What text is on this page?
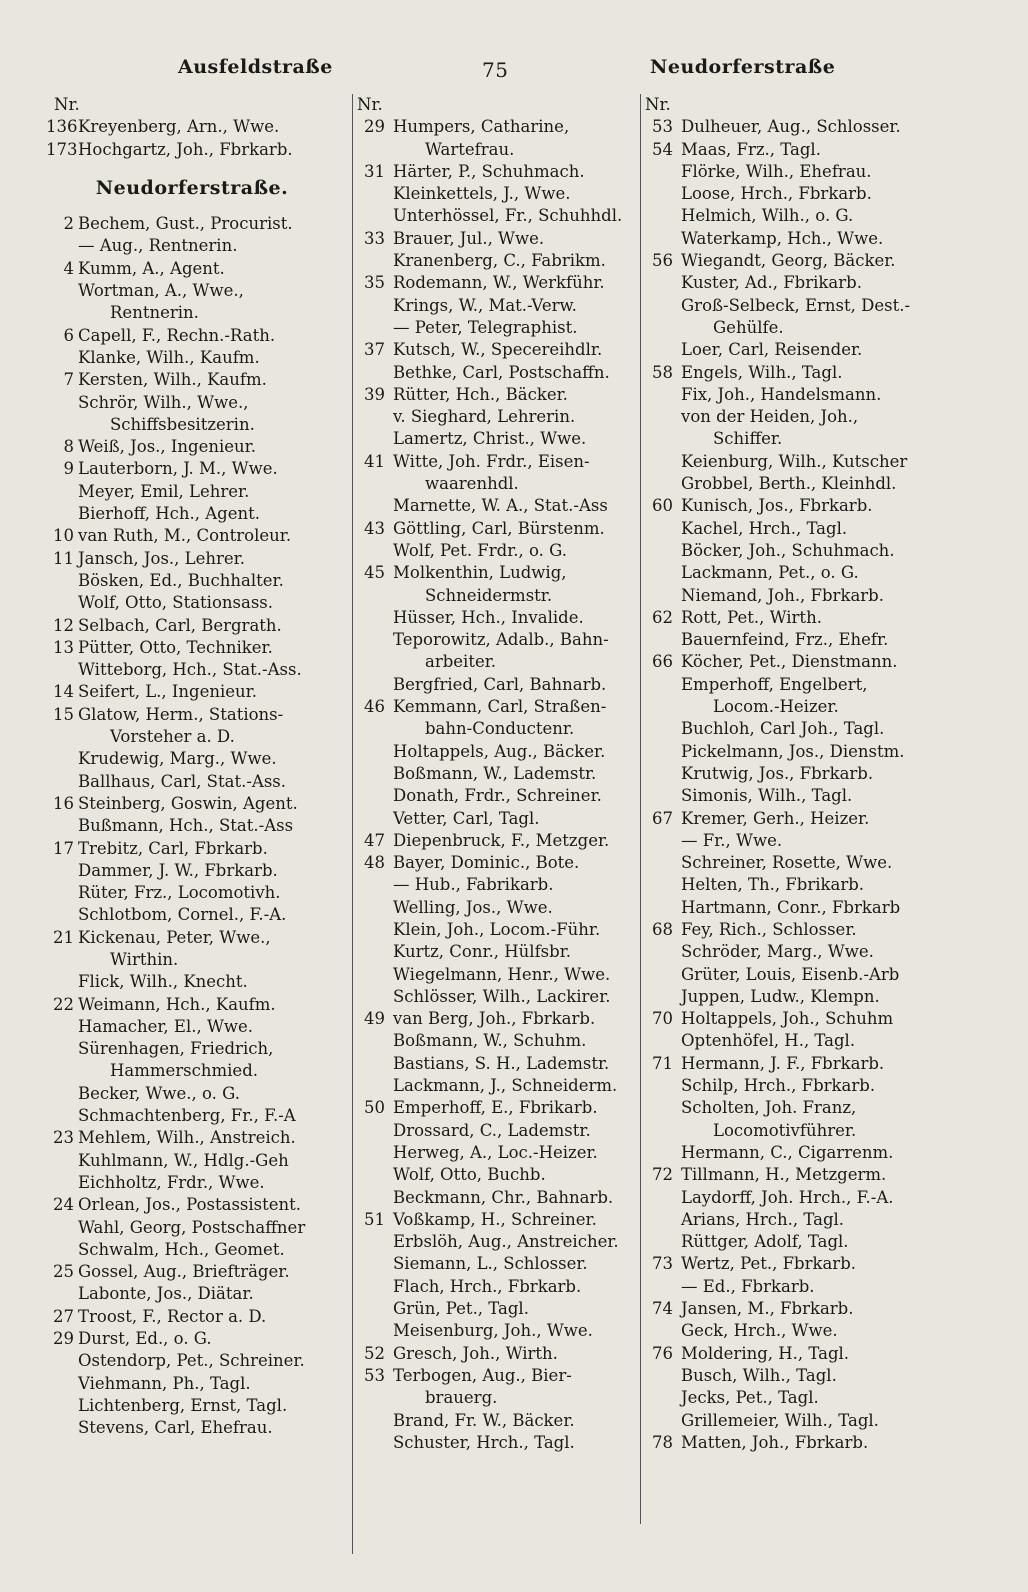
Ausfeldstraße	75	Neudorferstraße
Nr.
136 Kreyenberg, Arn., Wwe.
173 Hochgartz, Joh., Fbrkarb.
Neudorferstraße.
2 Bechem, Gust., Procurist.
— Aug., Rentnerin.
4 Kumm, A., Agent.
Wortman, A., Wwe.,
Rentnerin.
6 Capell, F., Rechn.-Rath.
Klanke, Wilh., Kaufm.
7 Kersten, Wilh., Kaufm.
Schrör, Wilh., Wwe.,
Schiffsbesitzerin.
8 Weiß, Jos., Ingenieur.
9 Lauterborn, J. M., Wwe.
Meyer, Emil, Lehrer.
Bierhoff, Hch., Agent.
10 van Ruth, M., Controleur.
11 Jansch, Jos., Lehrer.
Bösken, Ed., Buchhalter.
Wolf, Otto, Stationsass.
12 Selbach, Carl, Bergrath.
13 Pütter, Otto, Techniker.
Witteborg, Hch., Stat.-Ass.
14 Seifert, L., Ingenieur.
15 Glatow, Herm., Stations-
Vorsteher a. D.
Krudewig, Marg., Wwe.
Ballhaus, Carl, Stat.-Ass.
16 Steinberg, Goswin, Agent.
Bußmann, Hch., Stat.-Ass
17 Trebitz, Carl, Fbrkarb.
Dammer, J. W., Fbrkarb.
Rüter, Frz., Locomotivh.
Schlotbom, Cornel., F.-A.
21 Kickenau, Peter, Wwe.,
Wirthin.
Flick, Wilh., Knecht.
22 Weimann, Hch., Kaufm.
Hamacher, El., Wwe.
Sürenhagen, Friedrich,
Hammerschmied.
Becker, Wwe., o. G.
Schmachtenberg, Fr., F.-A
23 Mehlem, Wilh., Anstreich.
Kuhlmann, W., Hdlg.-Geh
Eichholtz, Frdr., Wwe.
24 Orlean, Jos., Postassistent.
Wahl, Georg, Postschaffner
Schwalm, Hch., Geomet.
25 Gossel, Aug., Briefträger.
Labonte, Jos., Diätar.
27 Troost, F., Rector a. D.
29 Durst, Ed., o. G.
Ostendorp, Pet., Schreiner.
Viehmann, Ph., Tagl.
Lichtenberg, Ernst, Tagl.
Stevens, Carl, Ehefrau.
Nr.
29 Humpers, Catharine,
Wartefrau.
31 Härter, P., Schuhmach.
Kleinkettels, J., Wwe.
Unterhössel, Fr., Schuhhdl.
33 Brauer, Jul., Wwe.
Kranenberg, C., Fabrikm.
35 Rodemann, W., Werkführ.
Krings, W., Mat.-Verw.
— Peter, Telegraphist.
37 Kutsch, W., Specereihdlr.
Bethke, Carl, Postschaffn.
39 Rütter, Hch., Bäcker.
v. Sieghard, Lehrerin.
Lamertz, Christ., Wwe.
41 Witte, Joh. Frdr., Eisen-
waarenhdl.
Marnette, W. A., Stat.-Ass
43 Göttling, Carl, Bürstenm.
Wolf, Pet. Frdr., o. G.
45 Molkenthin, Ludwig,
Schneidermstr.
Hüsser, Hch., Invalide.
Teporowitz, Adalb., Bahn-
arbeiter.
Bergfried, Carl, Bahnarb.
46 Kemmann, Carl, Straßen-
bahn-Conductenr.
Holtappels, Aug., Bäcker.
Boßmann, W., Lademstr.
Donath, Frdr., Schreiner.
Vetter, Carl, Tagl.
47 Diepenbruck, F., Metzger.
48 Bayer, Dominic., Bote.
— Hub., Fabrikarb.
Welling, Jos., Wwe.
Klein, Joh., Locom.-Führ.
Kurtz, Conr., Hülfsbr.
Wiegelmann, Henr., Wwe.
Schlösser, Wilh., Lackirer.
49 van Berg, Joh., Fbrkarb.
Boßmann, W., Schuhm.
Bastians, S. H., Lademstr.
Lackmann, J., Schneiderm.
50 Emperhoff, E., Fbrikarb.
Drossard, C., Lademstr.
Herweg, A., Loc.-Heizer.
Wolf, Otto, Buchb.
Beckmann, Chr., Bahnarb.
51 Voßkamp, H., Schreiner.
Erbslöh, Aug., Anstreicher.
Siemann, L., Schlosser.
Flach, Hrch., Fbrkarb.
Grün, Pet., Tagl.
Meisenburg, Joh., Wwe.
52 Gresch, Joh., Wirth.
53 Terbogen, Aug., Bier-
brauerg.
Brand, Fr. W., Bäcker.
Schuster, Hrch., Tagl.
Nr.
53 Dulheuer, Aug., Schlosser.
54 Maas, Frz., Tagl.
Flörke, Wilh., Ehefrau.
Loose, Hrch., Fbrkarb.
Helmich, Wilh., o. G.
Waterkamp, Hch., Wwe.
56 Wiegandt, Georg, Bäcker.
Kuster, Ad., Fbrikarb.
Groß-Selbeck, Ernst, Dest.-
Gehülfe.
Loer, Carl, Reisender.
58 Engels, Wilh., Tagl.
Fix, Joh., Handelsmann.
von der Heiden, Joh.,
Schiffer.
Keienburg, Wilh., Kutscher
Grobbel, Berth., Kleinhdl.
60 Kunisch, Jos., Fbrkarb.
Kachel, Hrch., Tagl.
Böcker, Joh., Schuhmach.
Lackmann, Pet., o. G.
Niemand, Joh., Fbrkarb.
62 Rott, Pet., Wirth.
Bauernfeind, Frz., Ehefr.
66 Köcher, Pet., Dienstmann.
Emperhoff, Engelbert,
Locom.-Heizer.
Buchloh, Carl Joh., Tagl.
Pickelmann, Jos., Dienstm.
Krutwig, Jos., Fbrkarb.
Simonis, Wilh., Tagl.
67 Kremer, Gerh., Heizer.
— Fr., Wwe.
Schreiner, Rosette, Wwe.
Helten, Th., Fbrikarb.
Hartmann, Conr., Fbrkarb
68 Fey, Rich., Schlosser.
Schröder, Marg., Wwe.
Grüter, Louis, Eisenb.-Arb
Juppen, Ludw., Klempn.
70 Holtappels, Joh., Schuhm
Optenhöfel, H., Tagl.
71 Hermann, J. F., Fbrkarb.
Schilp, Hrch., Fbrkarb.
Scholten, Joh. Franz,
Locomotivführer.
Hermann, C., Cigarrenm.
72 Tillmann, H., Metzgerm.
Laydorff, Joh. Hrch., F.-A.
Arians, Hrch., Tagl.
Rüttger, Adolf, Tagl.
73 Wertz, Pet., Fbrkarb.
— Ed., Fbrkarb.
74 Jansen, M., Fbrkarb.
Geck, Hrch., Wwe.
76 Moldering, H., Tagl.
Busch, Wilh., Tagl.
Jecks, Pet., Tagl.
Grillemeier, Wilh., Tagl.
78 Matten, Joh., Fbrkarb.
